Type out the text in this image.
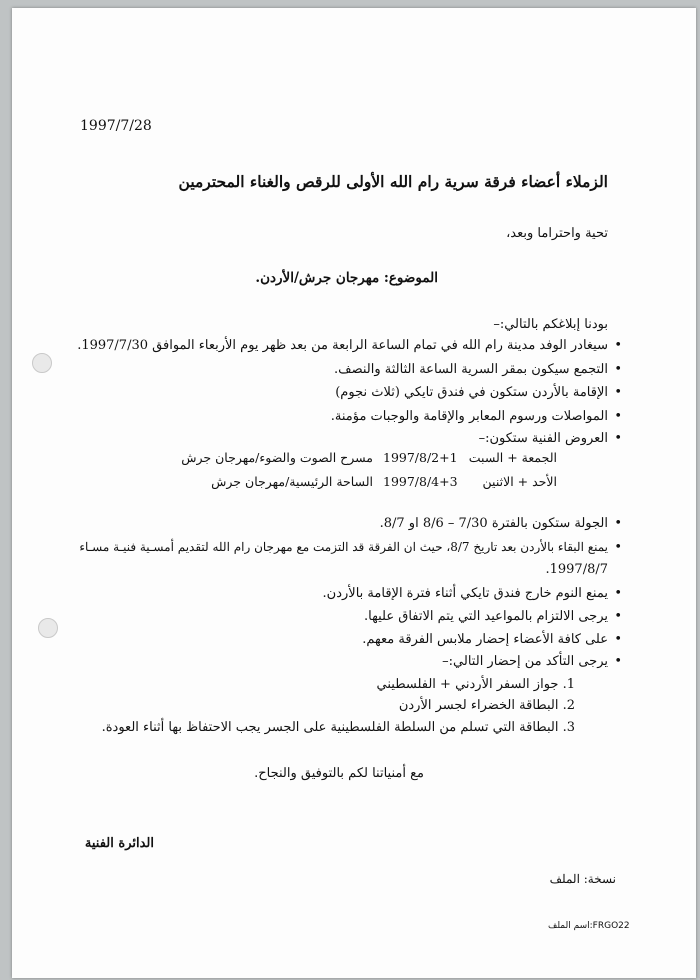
1997/7/28
الزملاء أعضاء فرقة سرية رام الله الأولى للرقص والغناء المحترمين
تحية واحتراما وبعد،
الموضوع: مهرجان جرش/الأردن.
بودنا إبلاغكم بالتالي:–
سيغادر الوفد مدينة رام الله في تمام الساعة الرابعة من بعد ظهر يوم الأربعاء الموافق 1997/7/30. •
التجمع سيكون بمقر السرية الساعة الثالثة والنصف. •
الإقامة بالأردن ستكون في فندق تايكي (ثلاث نجوم) •
المواصلات ورسوم المعابر والإقامة والوجبات مؤمنة. •
العروض الفنية ستكون:– •
الجمعة + السبت
1997/8/2+1
مسرح الصوت والضوء/مهرجان جرش
الأحد + الاثنين
1997/8/4+3
الساحة الرئيسية/مهرجان جرش
الجولة ستكون بالفترة 7/30 – 8/6 او 8/7. •
يمنع البقاء بالأردن بعد تاريخ 8/7، حيث ان الفرقة قد التزمت مع مهرجان رام الله لتقديم أمسـية فنيـة مسـاء •
1997/8/7.
يمنع النوم خارج فندق تايكي أثناء فترة الإقامة بالأردن. •
يرجى الالتزام بالمواعيد التي يتم الاتفاق عليها. •
على كافة الأعضاء إحضار ملابس الفرقة معهم. •
يرجى التأكد من إحضار التالي:– •
1. جواز السفر الأردني + الفلسطيني
2. البطاقة الخضراء لجسر الأردن
3. البطاقة التي تسلم من السلطة الفلسطينية على الجسر يجب الاحتفاظ بها أثناء العودة.
مع أمنياتنا لكم بالتوفيق والنجاح.
الدائرة الفنية
نسخة: الملف
اسم الملف:FRGO22
